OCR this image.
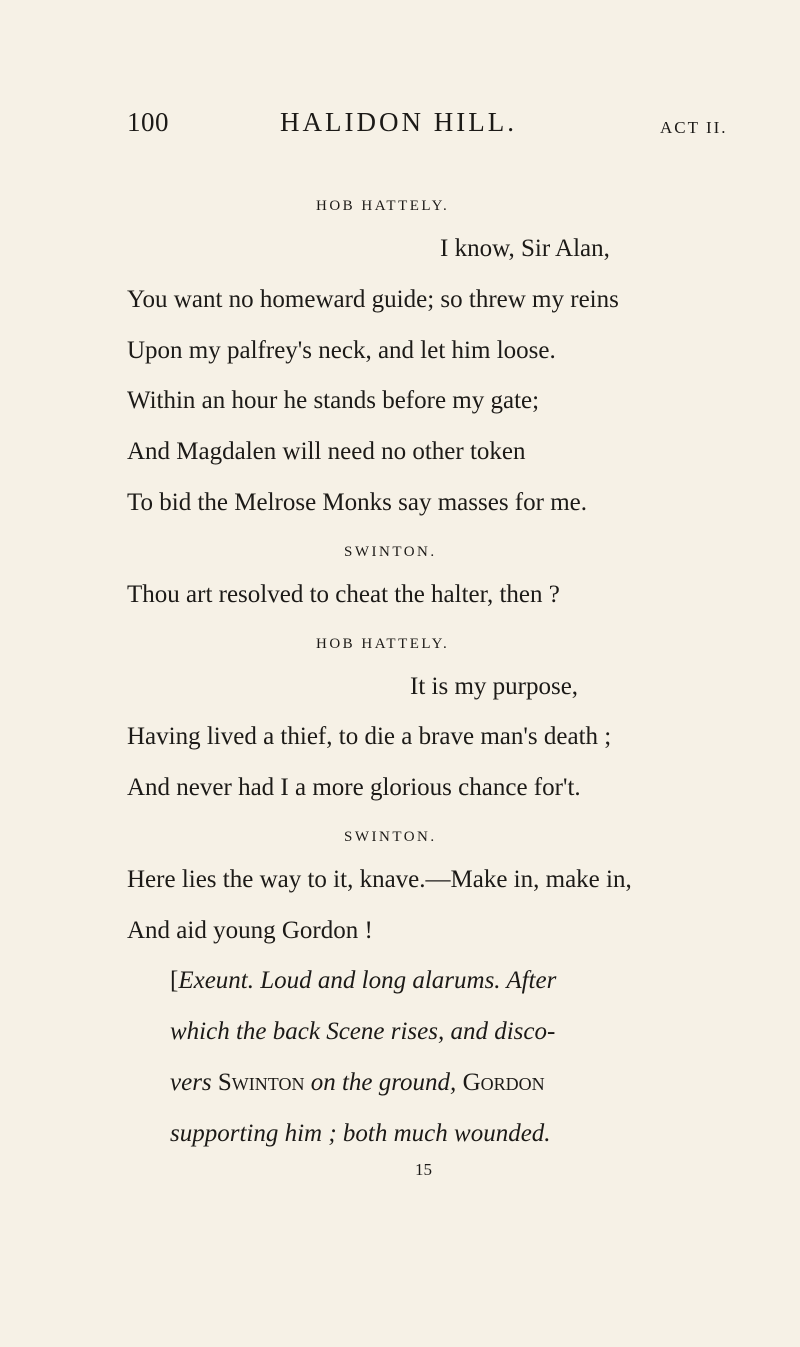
100	HALIDON HILL.	ACT II.
HOB HATTELY.
I know, Sir Alan,
You want no homeward guide; so threw my reins
Upon my palfrey's neck, and let him loose.
Within an hour he stands before my gate;
And Magdalen will need no other token
To bid the Melrose Monks say masses for me.
SWINTON.
Thou art resolved to cheat the halter, then ?
HOB HATTELY.
It is my purpose,
Having lived a thief, to die a brave man's death ;
And never had I a more glorious chance for't.
SWINTON.
Here lies the way to it, knave.—Make in, make in,
And aid young Gordon !
[Exeunt. Loud and long alarums. After
which the back Scene rises, and disco-
vers Swinton on the ground, Gordon
supporting him ; both much wounded.
15
